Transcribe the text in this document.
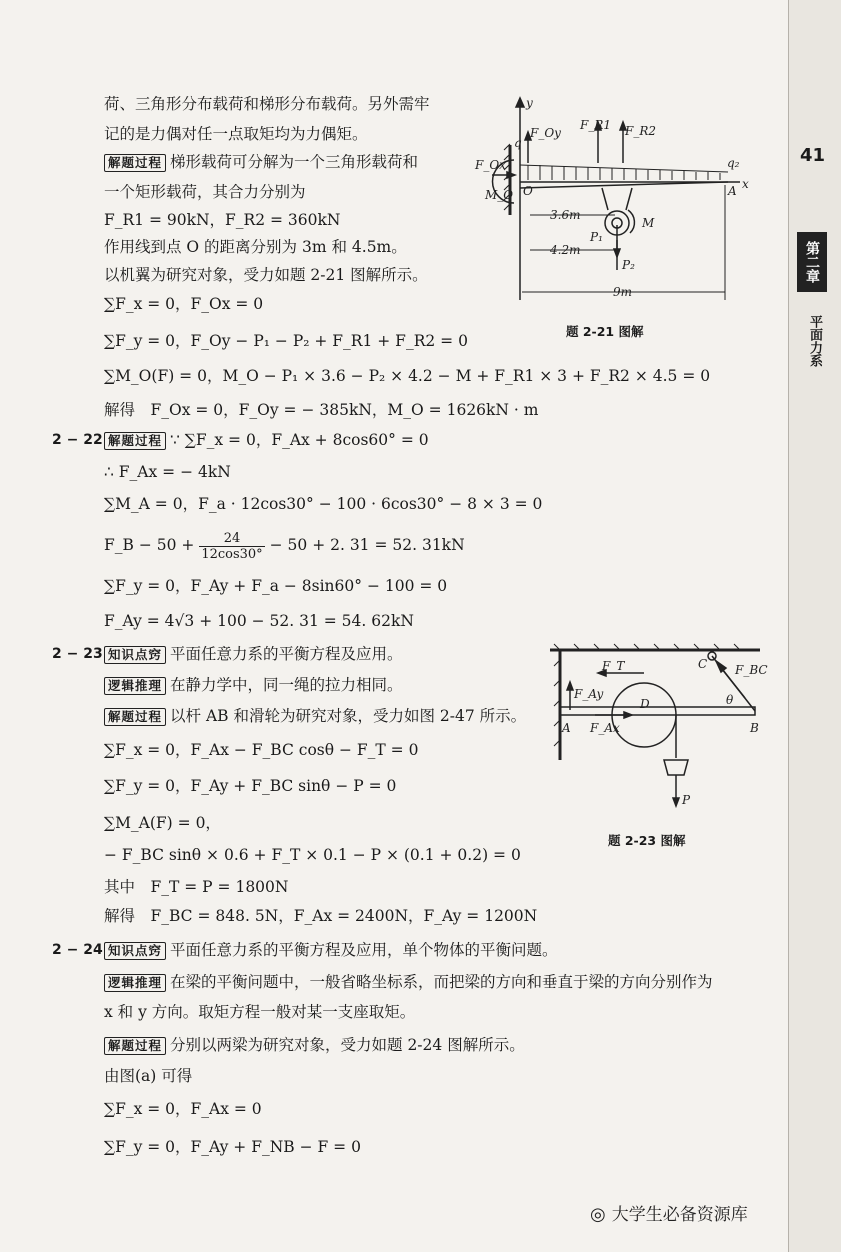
41
第二章
平面力系
荷、三角形分布载荷和梯形分布载荷。另外需牢
记的是力偶对任一点取矩均为力偶矩。
解题过程 梯形载荷可分解为一个三角形载荷和
一个矩形载荷，其合力分别为
F_R1 = 90kN，F_R2 = 360kN
作用线到点 O 的距离分别为 3m 和 4.5m。
以机翼为研究对象，受力如题 2-21 图解所示。
∑F_x = 0，F_Ox = 0
∑F_y = 0，F_Oy − P₁ − P₂ + F_R1 + F_R2 = 0
∑M_O(F) = 0，M_O − P₁ × 3.6 − P₂ × 4.2 − M + F_R1 × 3 + F_R2 × 4.5 = 0
解得　F_Ox = 0，F_Oy = − 385kN，M_O = 1626kN · m
y
x
F_Oy
F_R1 F_R2
q
q₂
F_Ox
M_O O	A
3.6m
4.2m
9m
M
P₁
P₂
题 2-21 图解
2 − 22 解题过程 ∵ ∑F_x = 0，F_Ax + 8cos60° = 0
∴ F_Ax = − 4kN
∑M_A = 0，F_a · 12cos30° − 100 · 6cos30° − 8 × 3 = 0
F_B − $50 + \frac{24}{12\cos 30^\circ} - 50 + 2$. 31 = 52. 31kN
∑F_y = 0，F_Ay + F_a − 8sin60° − 100 = 0
F_Ay = 4√3 + 100 − 52. 31 = 54. 62kN
2 − 23 知识点窍 平面任意力系的平衡方程及应用。
逻辑推理 在静力学中，同一绳的拉力相同。
解题过程 以杆 AB 和滑轮为研究对象，受力如图 2-47 所示。
∑F_x = 0，F_Ax − F_BC cosθ − F_T = 0
∑F_y = 0，F_Ay + F_BC sinθ − P = 0
∑M_A(F) = 0，
− F_BC sinθ × 0.6 + F_T × 0.1 − P × (0.1 + 0.2) = 0
其中　F_T = P = 1800N
解得　F_BC = 848. 5N，F_Ax = 2400N，F_Ay = 1200N
F_T	C F_BC
F_Ay
D	θ
A F_Ax	B
P
题 2-23 图解
2 − 24 知识点窍 平面任意力系的平衡方程及应用，单个物体的平衡问题。
逻辑推理 在梁的平衡问题中，一般省略坐标系，而把梁的方向和垂直于梁的方向分别作为
x 和 y 方向。取矩方程一般对某一支座取矩。
解题过程 分别以两梁为研究对象，受力如题 2-24 图解所示。
由图(a) 可得
∑F_x = 0，F_Ax = 0
∑F_y = 0，F_Ay + F_NB − F = 0
◎ 大学生必备资源库
